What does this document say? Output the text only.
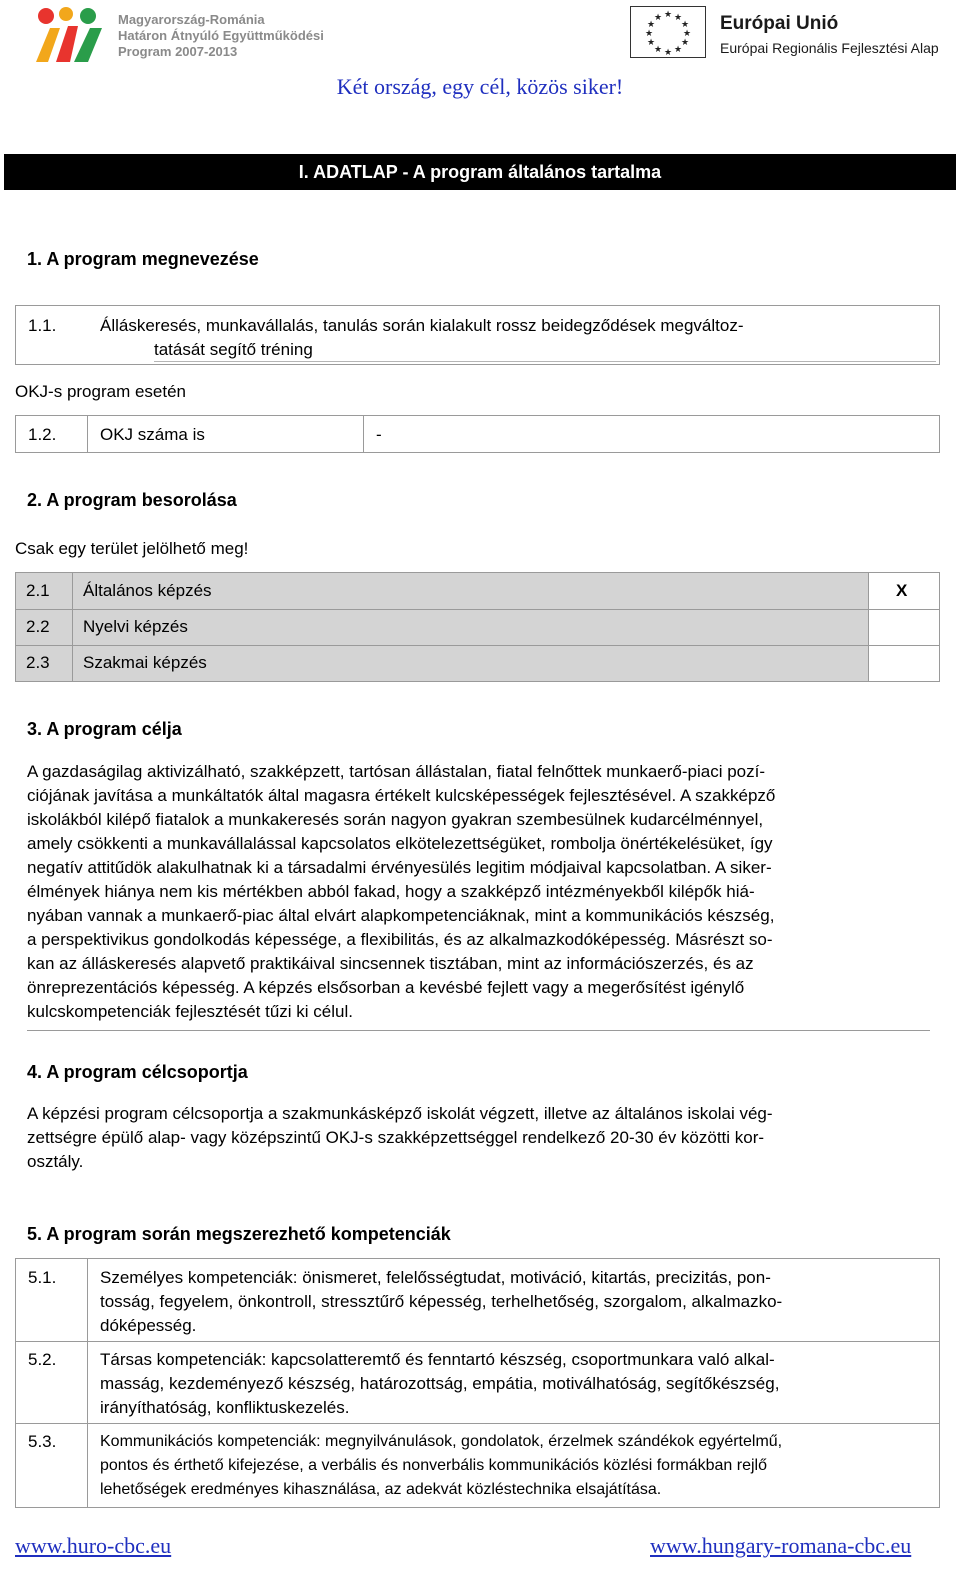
Magyarország-Románia
Határon Átnyúló Együttműködési
Program 2007-2013
★ ★
★
★
★
★
★
★
★
★
★
★	Európai Unió
Európai Regionális Fejlesztési Alap
Két ország, egy cél, közös siker!
I. ADATLAP - A program általános tartalma
1. A program megnevezése
1.1.	Álláskeresés, munkavállalás, tanulás során kialakult rossz beidegződések megváltoz-
tatását segítő tréning
OKJ-s program esetén
1.2.	OKJ száma is	-
2. A program besorolása
Csak egy terület jelölhető meg!
2.1 Általános képzés	X
2.2 Nyelvi képzés
2.3 Szakmai képzés
3. A program célja
A gazdaságilag aktivizálható, szakképzett, tartósan állástalan, fiatal felnőttek munkaerő-piaci pozí-
ciójának javítása a munkáltatók által magasra értékelt kulcsképességek fejlesztésével. A szakképző
iskolákból kilépő fiatalok a munkakeresés során nagyon gyakran szembesülnek kudarcélménnyel,
amely csökkenti a munkavállalással kapcsolatos elkötelezettségüket, rombolja önértékelésüket, így
negatív attitűdök alakulhatnak ki a társadalmi érvényesülés legitim módjaival kapcsolatban. A siker-
élmények hiánya nem kis mértékben abból fakad, hogy a szakképző intézményekből kilépők hiá-
nyában vannak a munkaerő-piac által elvárt alapkompetenciáknak, mint a kommunikációs készség,
a perspektivikus gondolkodás képessége, a flexibilitás, és az alkalmazkodóképesség. Másrészt so-
kan az álláskeresés alapvető praktikáival sincsennek tisztában, mint az információszerzés, és az
önreprezentációs képesség. A képzés elsősorban a kevésbé fejlett vagy a megerősítést igénylő
kulcskompetenciák fejlesztését tűzi ki célul.
4. A program célcsoportja
A képzési program célcsoportja a szakmunkásképző iskolát végzett, illetve az általános iskolai vég-
zettségre épülő alap- vagy középszintű OKJ-s szakképzettséggel rendelkező 20-30 év közötti kor-
osztály.
5. A program során megszerezhető kompetenciák
5.1.	Személyes kompetenciák: önismeret, felelősségtudat, motiváció, kitartás, precizitás, pon-
tosság, fegyelem, önkontroll, stressztűrő képesség, terhelhetőség, szorgalom, alkalmazko-
dóképesség.
5.2.	Társas kompetenciák: kapcsolatteremtő és fenntartó készség, csoportmunkara való alkal-
masság, kezdeményező készség, határozottság, empátia, motiválhatóság, segítőkészség,
irányíthatóság, konfliktuskezelés.
5.3.	Kommunikációs kompetenciák: megnyilvánulások, gondolatok, érzelmek szándékok egyértelmű,
pontos és érthető kifejezése, a verbális és nonverbális kommunikációs közlési formákban rejlő
lehetőségek eredményes kihasználása, az adekvát közléstechnika elsajátítása.
www.huro-cbc.eu	www.hungary-romana-cbc.eu
